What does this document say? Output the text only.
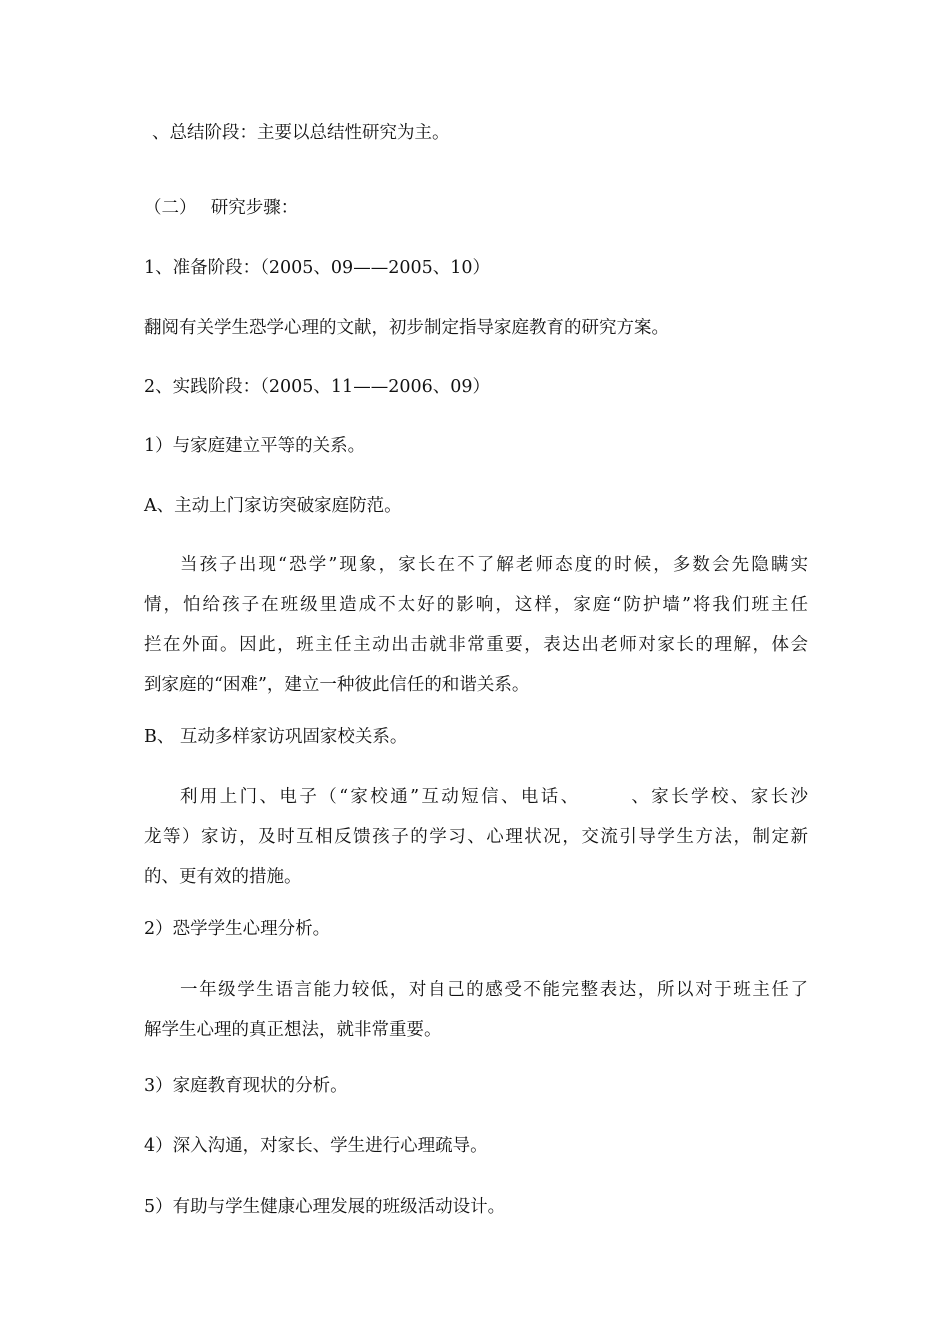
、总结阶段：主要以总结性研究为主。
（二）　 研究步骤：
1、准备阶段：（2005、09——2005、10）
翻阅有关学生恐学心理的文献，初步制定指导家庭教育的研究方案。
2、实践阶段：（2005、11——2006、09）
1）与家庭建立平等的关系。
A、主动上门家访突破家庭防范。
当孩子出现“恐学”现象，家长在不了解老师态度的时候，多数会先隐瞒实
情，怕给孩子在班级里造成不太好的影响，这样，家庭“防护墙”将我们班主任
拦在外面。因此，班主任主动出击就非常重要，表达出老师对家长的理解，体会
到家庭的“困难”，建立一种彼此信任的和谐关系。
B、 互动多样家访巩固家校关系。
利用上门、电子（“家校通”互动短信、电话、　　　、家长学校、家长沙
龙等）家访，及时互相反馈孩子的学习、心理状况，交流引导学生方法，制定新
的、更有效的措施。
2）恐学学生心理分析。
一年级学生语言能力较低，对自己的感受不能完整表达，所以对于班主任了
解学生心理的真正想法，就非常重要。
3）家庭教育现状的分析。
4）深入沟通，对家长、学生进行心理疏导。
5）有助与学生健康心理发展的班级活动设计。
